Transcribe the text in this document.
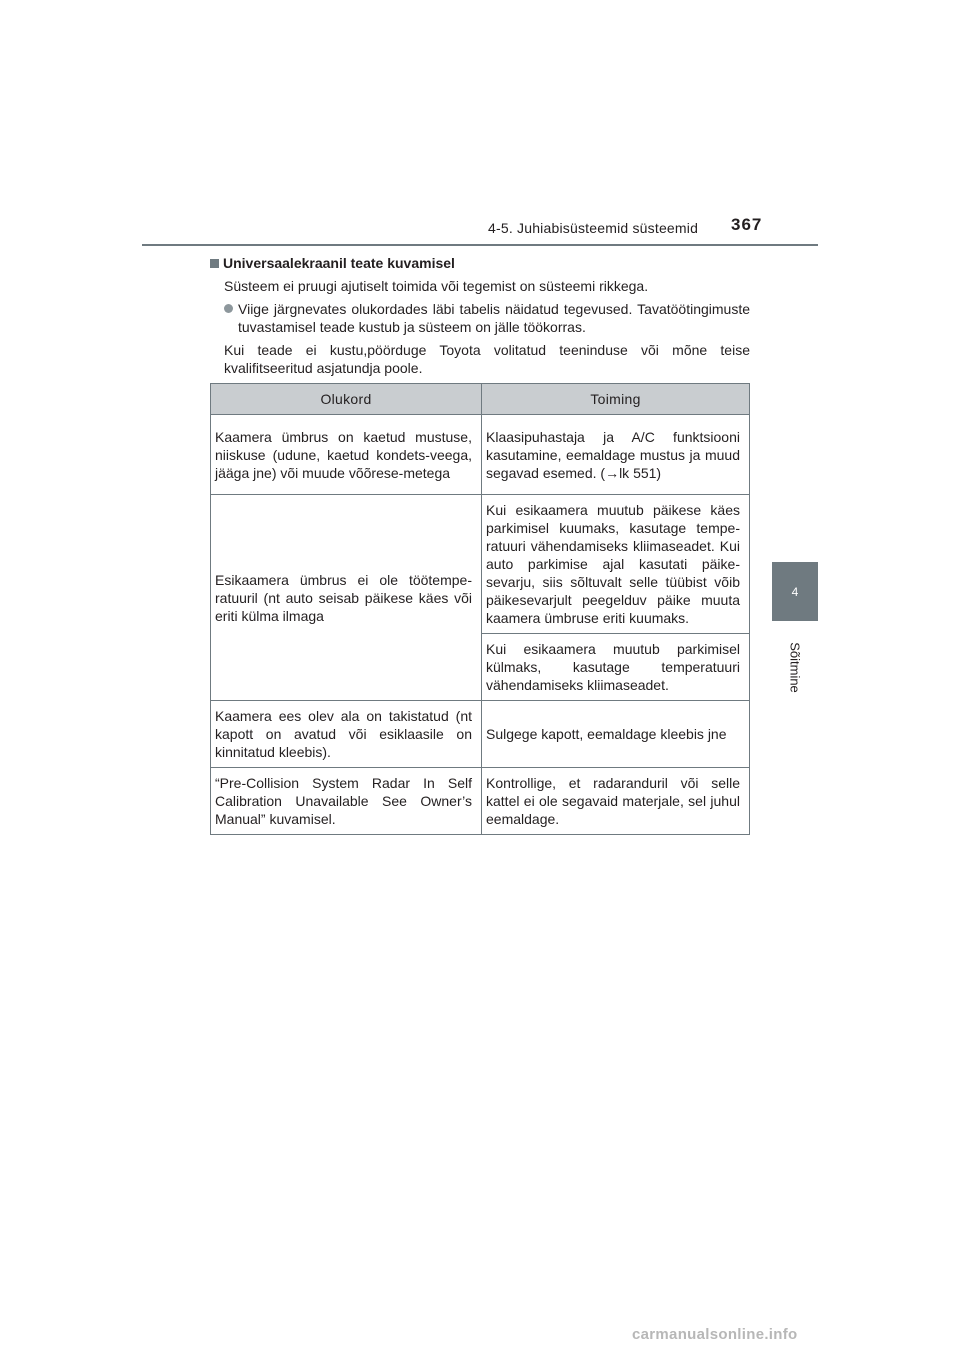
4-5. Juhiabisüsteemid süsteemid 367
4
Sõitmine
Universaalekraanil teate kuvamisel
Süsteem ei pruugi ajutiselt toimida või tegemist on süsteemi rikkega.
Viige järgnevates olukordades läbi tabelis näidatud tegevused. Tavatöötingimuste tuvastamisel teade kustub ja süsteem on jälle töökorras.
Kui teade ei kustu,pöörduge Toyota volitatud teeninduse või mõne teise kvalifitseeritud asjatundja poole.
Olukord	Toiming
Kaamera ümbrus on kaetud mustuse, niiskuse (udune, kaetud kondets-veega, jääga jne) või muude võõrese-metega	Klaasipuhastaja ja A/C funktsiooni kasutamine, eemaldage mustus ja muud segavad esemed. (→lk 551)
Esikaamera ümbrus ei ole töötempe-ratuuril (nt auto seisab päikese käes või eriti külma ilmaga	Kui esikaamera muutub päikese käes parkimisel kuumaks, kasutage tempe-ratuuri vähendamiseks kliimaseadet. Kui auto parkimise ajal kasutati päike-sevarju, siis sõltuvalt selle tüübist võib päikesevarjult peegelduv päike muuta kaamera ümbruse eriti kuumaks.
	Kui esikaamera muutub parkimisel külmaks, kasutage temperatuuri vähendamiseks kliimaseadet.
Kaamera ees olev ala on takistatud (nt kapott on avatud või esiklaasile on kinnitatud kleebis).	Sulgege kapott, eemaldage kleebis jne
“Pre-Collision System Radar In Self Calibration Unavailable See Owner’s Manual” kuvamisel.	Kontrollige, et radaranduril või selle kattel ei ole segavaid materjale, sel juhul eemaldage.
carmanualsonline.info
